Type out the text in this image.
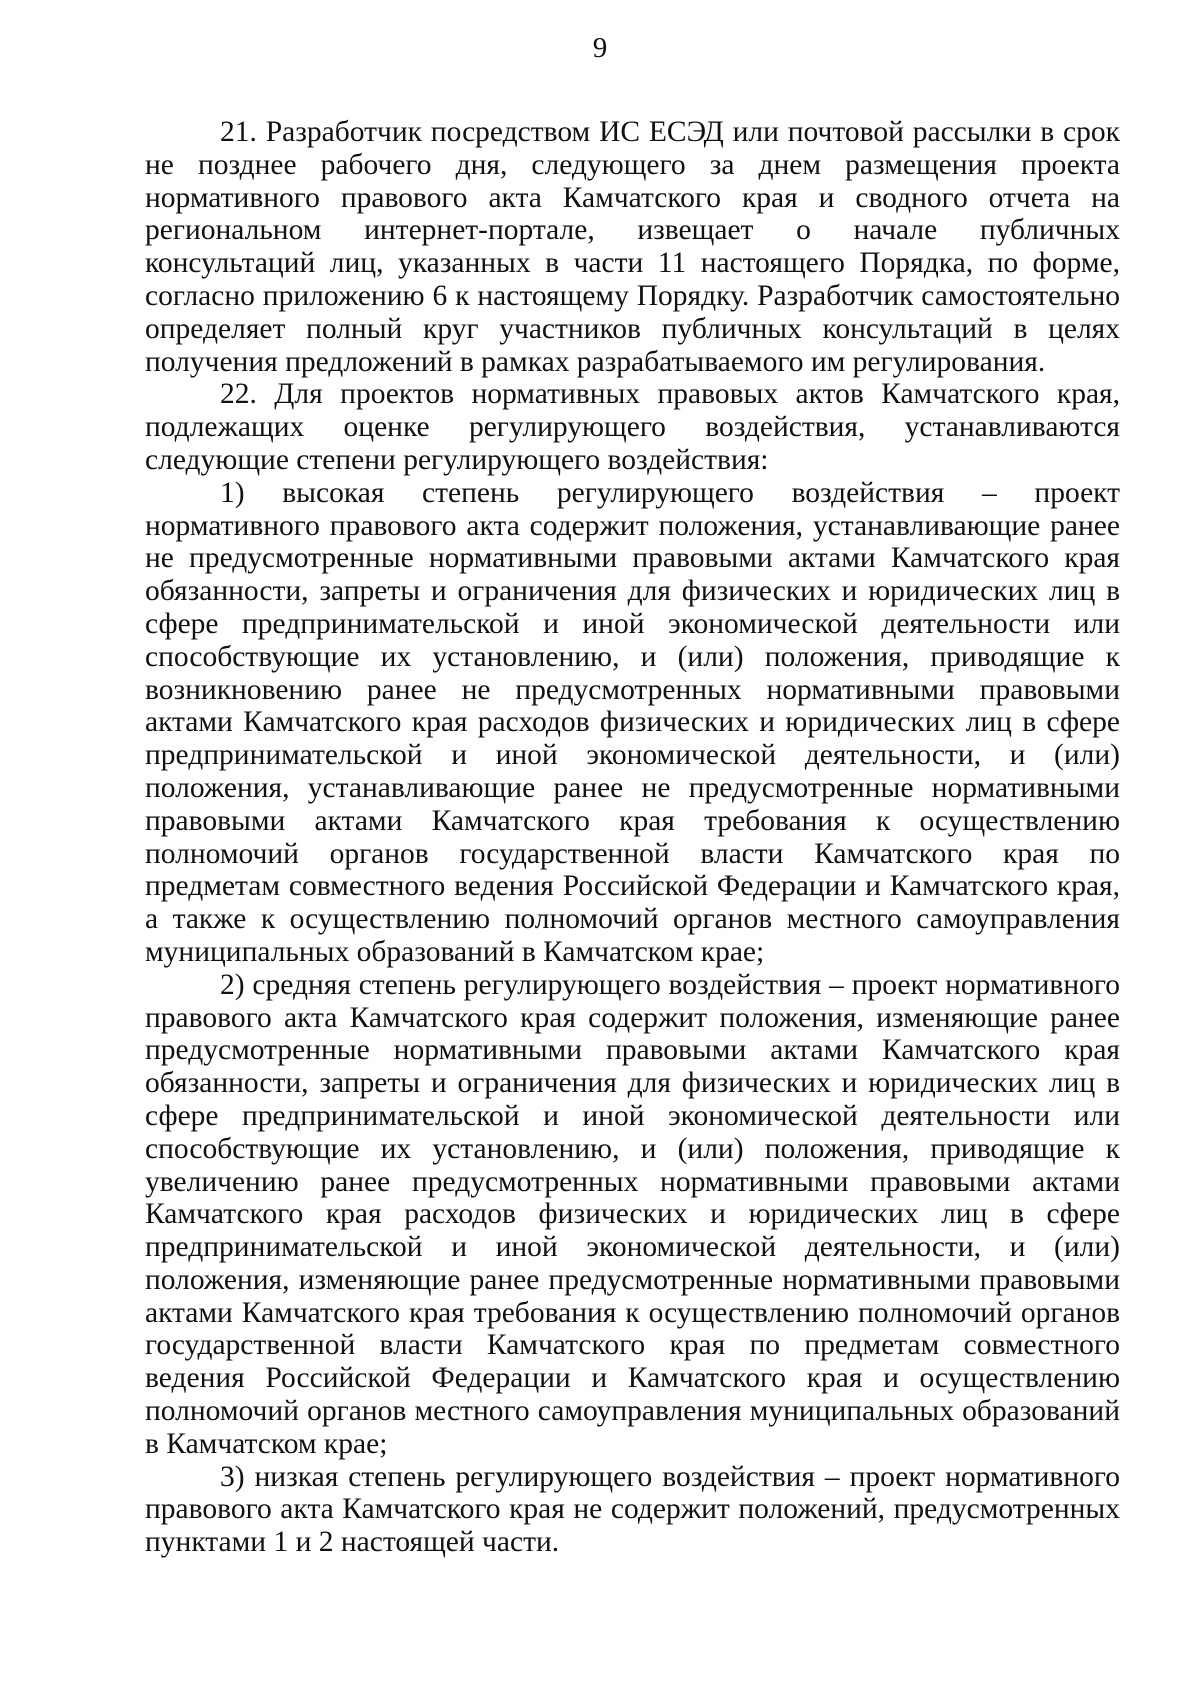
9

21. Разработчик посредством ИС ЕСЭД или почтовой рассылки в срок не позднее рабочего дня, следующего за днем размещения проекта нормативного правового акта Камчатского края и сводного отчета на региональном интернет-портале, извещает о начале публичных консультаций лиц, указанных в части 11 настоящего Порядка, по форме, согласно приложению 6 к настоящему Порядку. Разработчик самостоятельно определяет полный круг участников публичных консультаций в целях получения предложений в рамках разрабатываемого им регулирования.

22. Для проектов нормативных правовых актов Камчатского края, подлежащих оценке регулирующего воздействия, устанавливаются следующие степени регулирующего воздействия:

1) высокая степень регулирующего воздействия – проект нормативного правового акта содержит положения, устанавливающие ранее не предусмотренные нормативными правовыми актами Камчатского края обязанности, запреты и ограничения для физических и юридических лиц в сфере предпринимательской и иной экономической деятельности или способствующие их установлению, и (или) положения, приводящие к возникновению ранее не предусмотренных нормативными правовыми актами Камчатского края расходов физических и юридических лиц в сфере предпринимательской и иной экономической деятельности, и (или) положения, устанавливающие ранее не предусмотренные нормативными правовыми актами Камчатского края требования к осуществлению полномочий органов государственной власти Камчатского края по предметам совместного ведения Российской Федерации и Камчатского края, а также к осуществлению полномочий органов местного самоуправления муниципальных образований в Камчатском крае;

2) средняя степень регулирующего воздействия – проект нормативного правового акта Камчатского края содержит положения, изменяющие ранее предусмотренные нормативными правовыми актами Камчатского края обязанности, запреты и ограничения для физических и юридических лиц в сфере предпринимательской и иной экономической деятельности или способствующие их установлению, и (или) положения, приводящие к увеличению ранее предусмотренных нормативными правовыми актами Камчатского края расходов физических и юридических лиц в сфере предпринимательской и иной экономической деятельности, и (или) положения, изменяющие ранее предусмотренные нормативными правовыми актами Камчатского края требования к осуществлению полномочий органов государственной власти Камчатского края по предметам совместного ведения Российской Федерации и Камчатского края и осуществлению полномочий органов местного самоуправления муниципальных образований в Камчатском крае;

3) низкая степень регулирующего воздействия – проект нормативного правового акта Камчатского края не содержит положений, предусмотренных пунктами 1 и 2 настоящей части.
